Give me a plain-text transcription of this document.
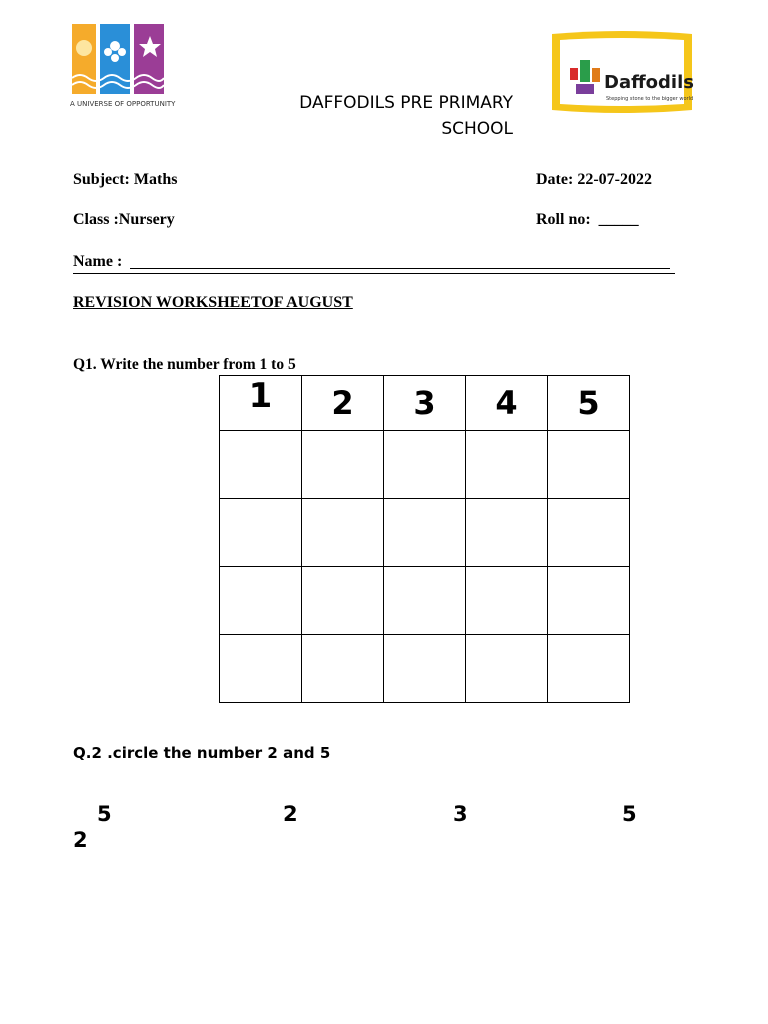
A UNIVERSE OF OPPORTUNITY
Daffodils
Stepping stone to the bigger world
DAFFODILS PRE PRIMARY
SCHOOL
Subject: Maths	Date: 22-07-2022
Class :Nursery	Roll no:  _____
Name :
REVISION WORKSHEETOF AUGUST
Q1. Write the number from 1 to 5
1	2	3	4	5

Q.2 .circle the number 2 and 5
5	2	3	5
2
